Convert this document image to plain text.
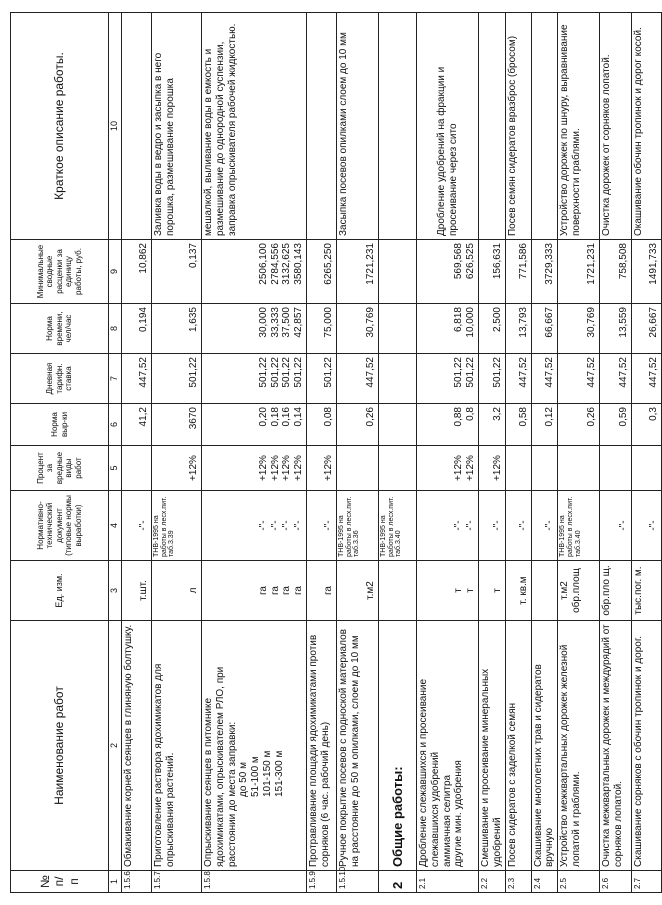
№ п/п	Наименование работ	Ед. изм.	Нормативно-технический документ (типовые нормы выработки)	Процент за вредные виды работ	Норма выр-ки	Дневная тарифн. ставка	Норма времени, чел/час	Минимальные сводные расценки за единицу работы, руб.	Краткое описание работы.
1	2	3	4	5	6	7	8	9	10
1.5.6	Обмакивание корней сеянцев в глиняную болтушку.	т.шт.	-"-		41,2	447,52	0,194	10,862	
1.5.7	Приготовление раствора ядохимикатов для опрыскивания растений.	л	ТНВ-1995 на работы в лесх.пит. таб.3.39	+12%	3670	501,22	1,635	0,137	Заливка воды в ведро и засыпка в него порошка, размешивание порошка
1.5.8	Опрыскивание сеянцев в питомнике ядохимикатами, опрыскивателем РЛО, при расстоянии до места заправки: до 50 м 51-100 м 101-150 м 151-300 м	га га га га	-"- -"- -"- -"-	+12% +12% +12% +12%	0,20 0,18 0,16 0,14	501,22 501,22 501,22 501,22	30,000 33,333 37,500 42,857	2506,100 2784,556 3132,625 3580,143	мешалкой, выливание воды в емкость и размешивание до однородной суспензии, заправка опрыскивателя рабочей жидкостью.
1.5.9	Протравливание площади ядохимикатами против сорняков (6 час. рабочий день)	га	-"-	+12%	0,08	501,22	75,000	6265,250	
1.5.10	Ручное покрытие посевов с подноской материалов на расстояние до 50 м опилками, слоем до 10 мм	т.м2	ТНВ-1995 на работы в лесх.пит. таб.3.36		0,26	447,52	30,769	1721,231	Засыпка посевов опилками слоем до 10 мм
2	Общие работы:		ТНВ-1995 на работы в лесх.пит. таб.3.40						
2.1	Дробление слежавшихся и просеивание слежавшихся удобрений аммиачная селитра другие мин. удобрения	т т	-"- -"-	+12% +12%	0,88 0,8	501,22 501,22	6,818 10,000	569,568 626,525	Дробление удобрений на фракции и просеивание через сито
2.2	Смешивание и просеивание минеральных удобрений	т	-"-	+12%	3,2	501,22	2,500	156,631	
2.3	Посев сидератов с заделкой семян	т. кв.м	-"-		0,58	447,52	13,793	771,586	Посев семян сидератов вразброс (бросом)
2.4	Скашивание многолетних трав и сидератов вручную		-"-		0,12	447,52	66,667	3729,333	
2.5	Устройство межквартальных дорожек железной лопатой и граблями.	т.м2 обр.площ	ТНВ-1995 на работы в лесх.пит. таб.3.40		0,26	447,52	30,769	1721,231	Устройство дорожек по шнуру, выравнивание поверхности граблями.
2.6	Очистка межквартальных дорожек и междурядий от сорняков лопатой.	обр.пло щ.	-"-		0,59	447,52	13,559	758,508	Очистка дорожек от сорняков лопатой.
2.7	Скашивание сорняков с обочин тропинок и дорог.	тыс.пог. м.	-"-		0,3	447,52	26,667	1491,733	Окашивание обочин тропинок и дорог косой.
